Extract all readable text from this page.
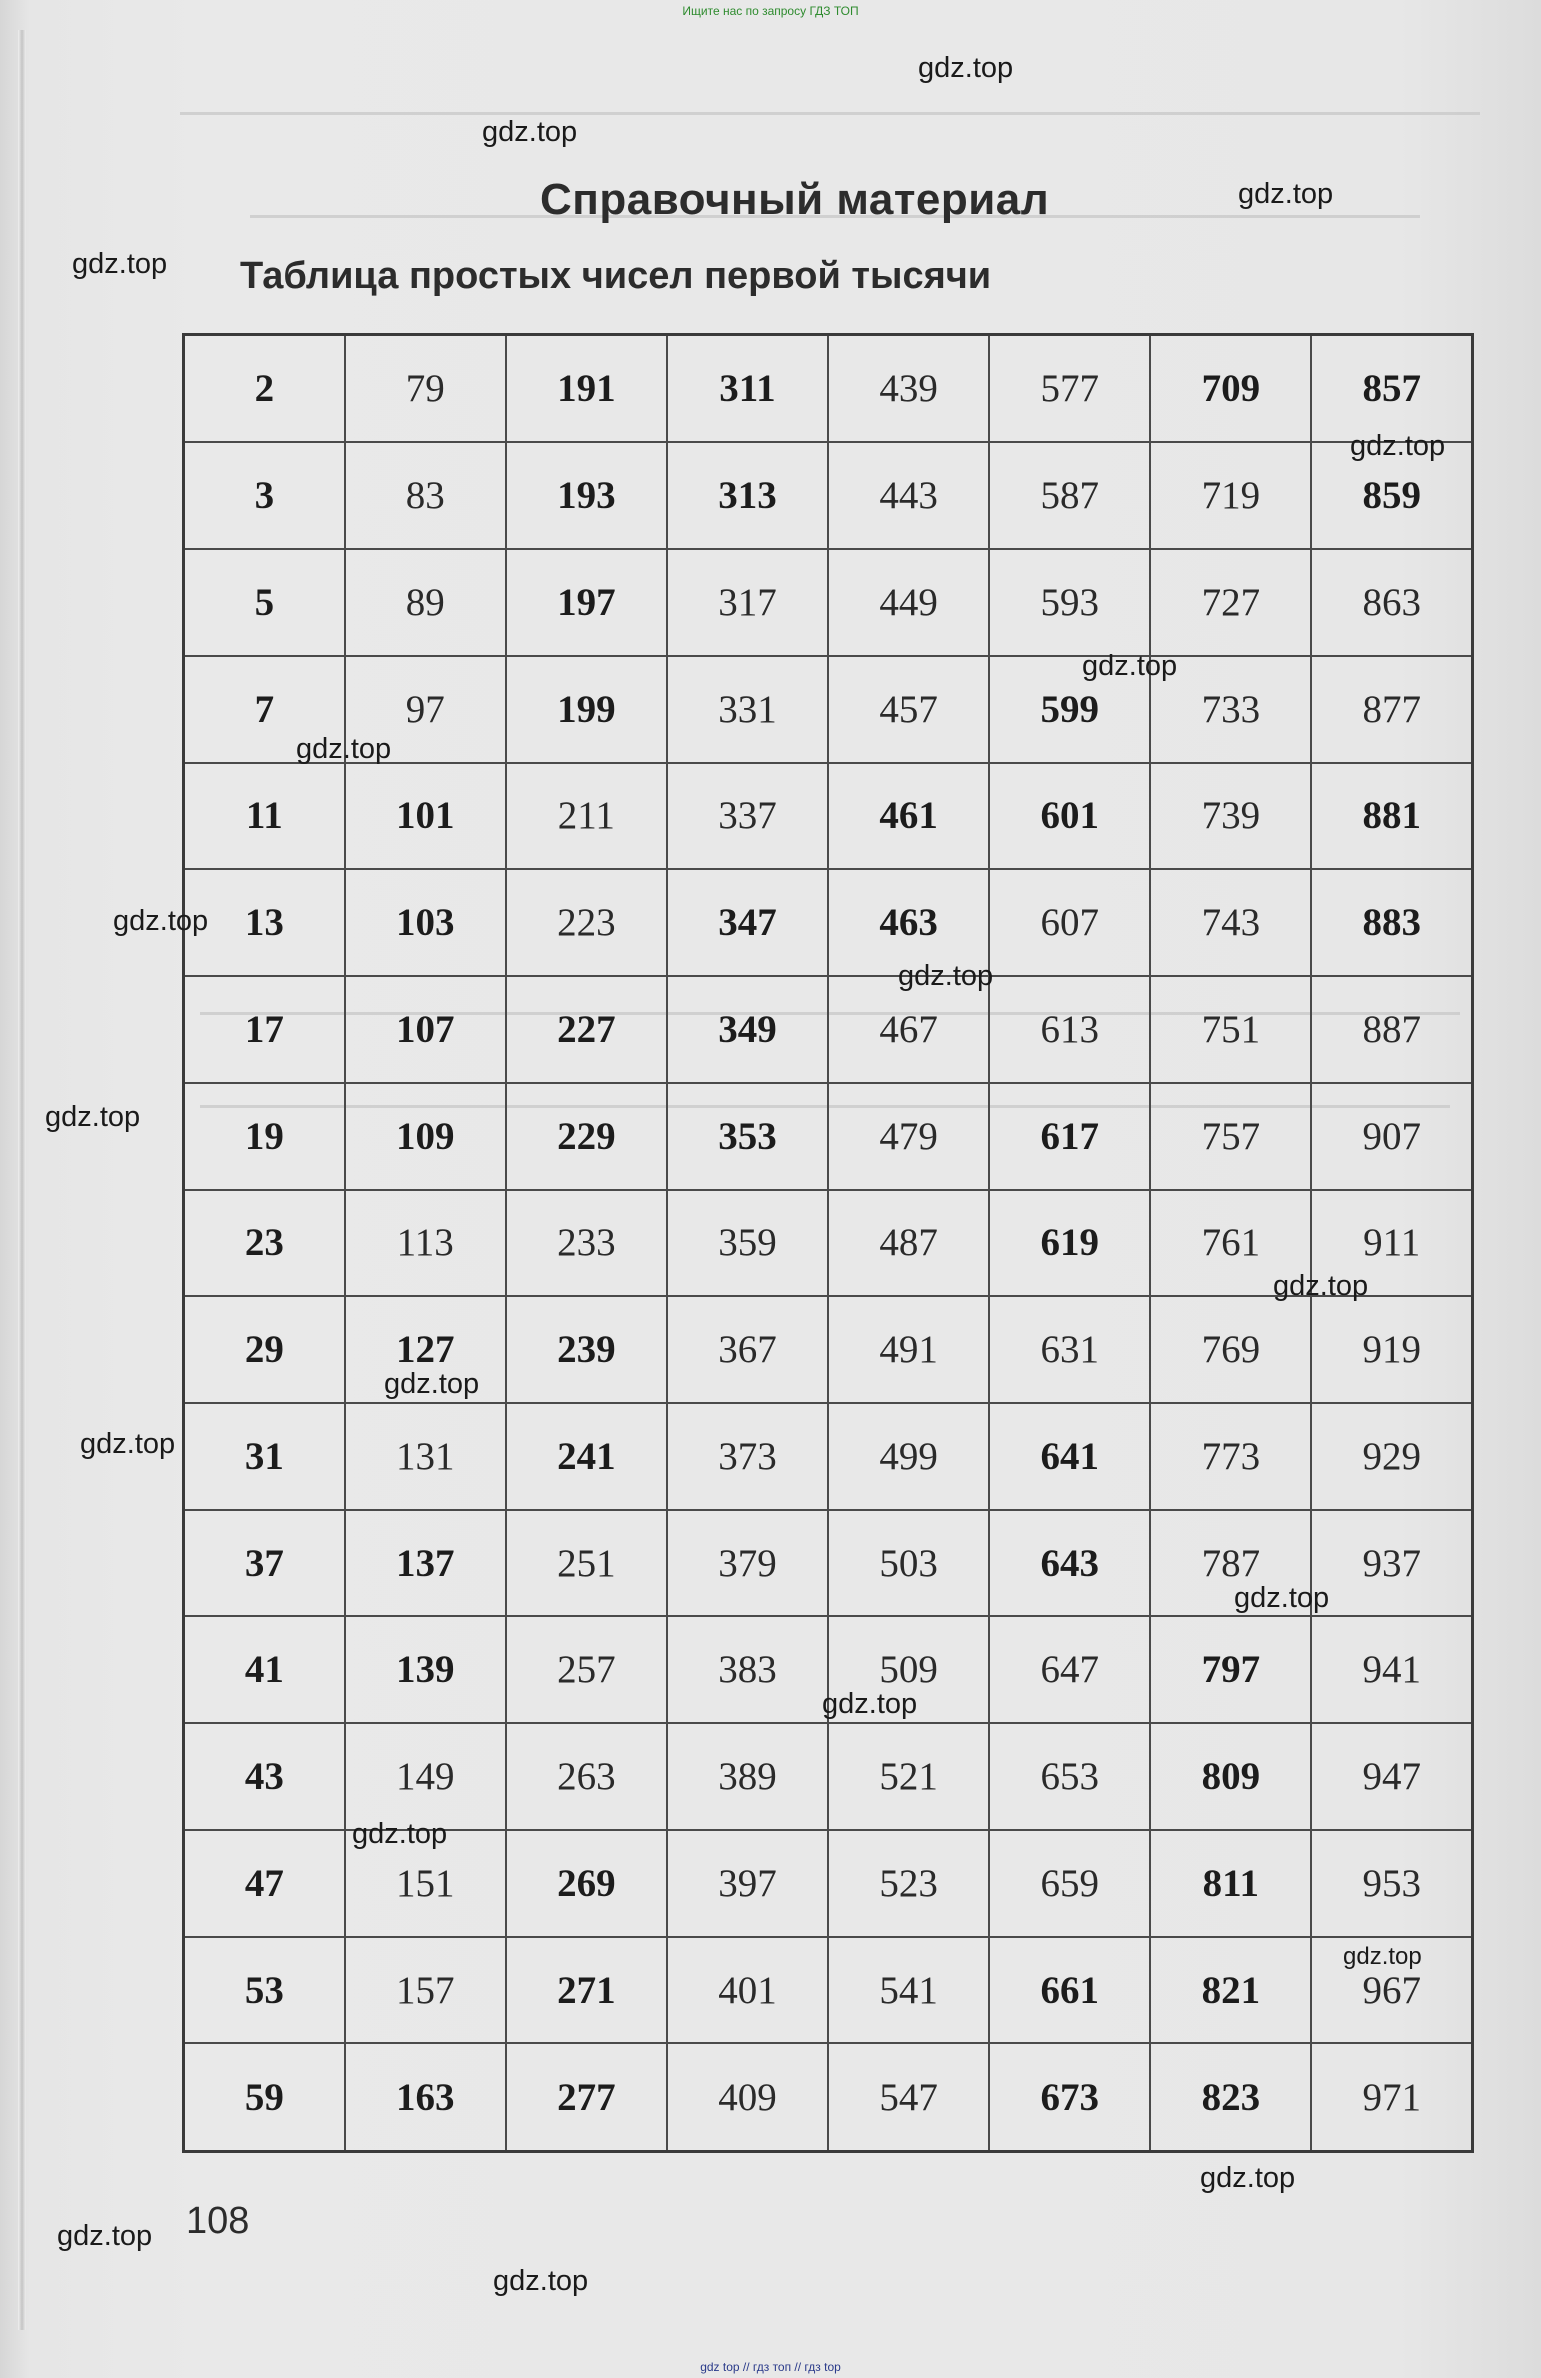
Ищите нас по запросу ГДЗ ТОП
Справочный материал
Таблица простых чисел первой тысячи
2	79	191	311	439	577	709	857
3	83	193	313	443	587	719	859
5	89	197	317	449	593	727	863
7	97	199	331	457	599	733	877
11	101	211	337	461	601	739	881
13	103	223	347	463	607	743	883
17	107	227	349	467	613	751	887
19	109	229	353	479	617	757	907
23	113	233	359	487	619	761	911
29	127	239	367	491	631	769	919
31	131	241	373	499	641	773	929
37	137	251	379	503	643	787	937
41	139	257	383	509	647	797	941
43	149	263	389	521	653	809	947
47	151	269	397	523	659	811	953
53	157	271	401	541	661	821	967
59	163	277	409	547	673	823	971
108
gdz.top
gdz.top
gdz.top
gdz.top
gdz.top
gdz.top
gdz.top
gdz.top
gdz.top
gdz.top
gdz.top
gdz.top
gdz.top
gdz.top
gdz.top
gdz.top
gdz.top
gdz.top
gdz.top
gdz.top
gdz top // гдз топ // гдз top
